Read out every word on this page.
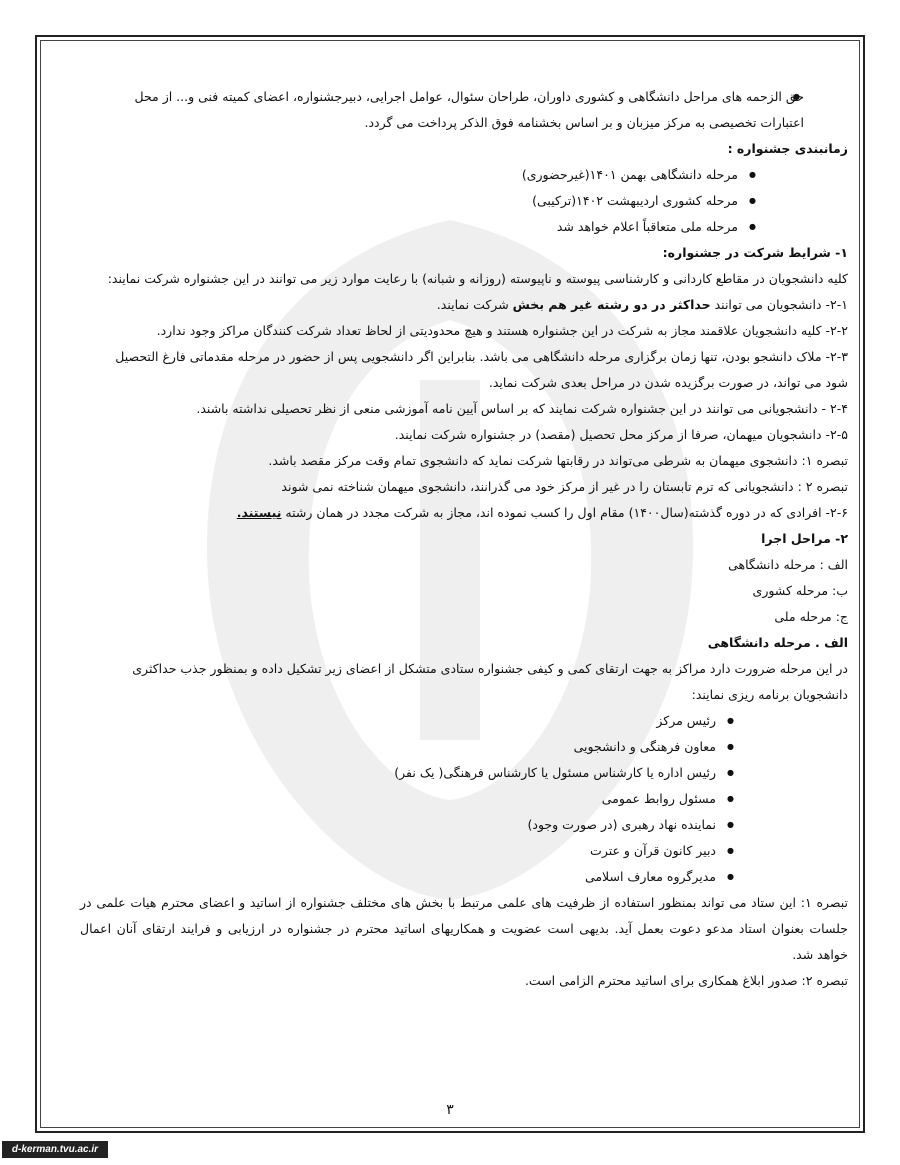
● حق الزحمه های مراحل دانشگاهی و کشوری داوران، طراحان سئوال، عوامل اجرایی، دبیرجشنواره، اعضای کمیته فنی و... از محل
اعتبارات تخصیصی به مرکز میزبان و بر اساس بخشنامه فوق الذکر پرداخت می گردد.
زمانبندی جشنواره :
● مرحله دانشگاهی بهمن ۱۴۰۱(غیرحضوری)
● مرحله کشوری اردیبهشت ۱۴۰۲(ترکیبی)
● مرحله ملی متعاقباً اعلام خواهد شد
۱- شرایط شرکت در جشنواره:
کلیه دانشجویان در مقاطع کاردانی و کارشناسی پیوسته و ناپیوسته (روزانه و شبانه) با رعایت موارد زیر می توانند در این جشنواره شرکت نمایند:
۲-۱- دانشجویان می توانند حداکثر در دو رشته غیر هم بخش شرکت نمایند.
۲-۲- کلیه دانشجویان علاقمند مجاز به شرکت در این جشنواره هستند و هیچ محدودیتی از لحاظ تعداد شرکت کنندگان مراکز وجود ندارد.
۲-۳- ملاک دانشجو بودن، تنها زمان برگزاری مرحله دانشگاهی می باشد. بنابراین اگر دانشجویی پس از حضور در مرحله مقدماتی فارغ التحصیل
شود می تواند، در صورت برگزیده شدن در مراحل بعدی شرکت نماید.
۲-۴ - دانشجویانی می توانند در این جشنواره شرکت نمایند که بر اساس آیین نامه آموزشی منعی از نظر تحصیلی نداشته باشند.
۲-۵- دانشجویان میهمان، صرفا از مرکز محل تحصیل (مقصد) در جشنواره شرکت نمایند.
تبصره ۱: دانشجوی میهمان به شرطی می‌تواند در رقابتها شرکت نماید که دانشجوی تمام وقت مرکز مقصد باشد.
تبصره ۲ : دانشجویانی که ترم تابستان را در غیر از مرکز خود می گذرانند، دانشجوی میهمان شناخته نمی شوند
۲-۶- افرادی که در دوره گذشته(سال۱۴۰۰) مقام اول را کسب نموده اند، مجاز به شرکت مجدد در همان رشته نیستند.
۲- مراحل اجرا
الف : مرحله دانشگاهی
ب: مرحله کشوری
ج: مرحله ملی
الف . مرحله دانشگاهی
در این مرحله ضرورت دارد مراکز به جهت ارتقای کمی و کیفی جشنواره ستادی متشکل از اعضای زیر تشکیل داده و بمنظور جذب حداکثری
دانشجویان برنامه ریزی نمایند:
● رئیس مرکز
● معاون فرهنگی و دانشجویی
● رئیس اداره یا کارشناس مسئول یا کارشناس فرهنگی( یک نفر)
● مسئول روابط عمومی
● نماینده نهاد رهبری (در صورت وجود)
● دبیر کانون قرآن و عترت
● مدیرگروه معارف اسلامی
تبصره ۱: این ستاد می تواند بمنظور استفاده از ظرفیت های علمی مرتبط با بخش های مختلف جشنواره از اساتید و اعضای محترم هیات علمی در جلسات بعنوان استاد مدعو دعوت بعمل آید. بدیهی است عضویت و همکاریهای اساتید محترم در جشنواره در ارزیابی و فرایند ارتقای آنان اعمال خواهد شد.
تبصره ۲: صدور ابلاغ همکاری برای اساتید محترم الزامی است.
۳
d-kerman.tvu.ac.ir
